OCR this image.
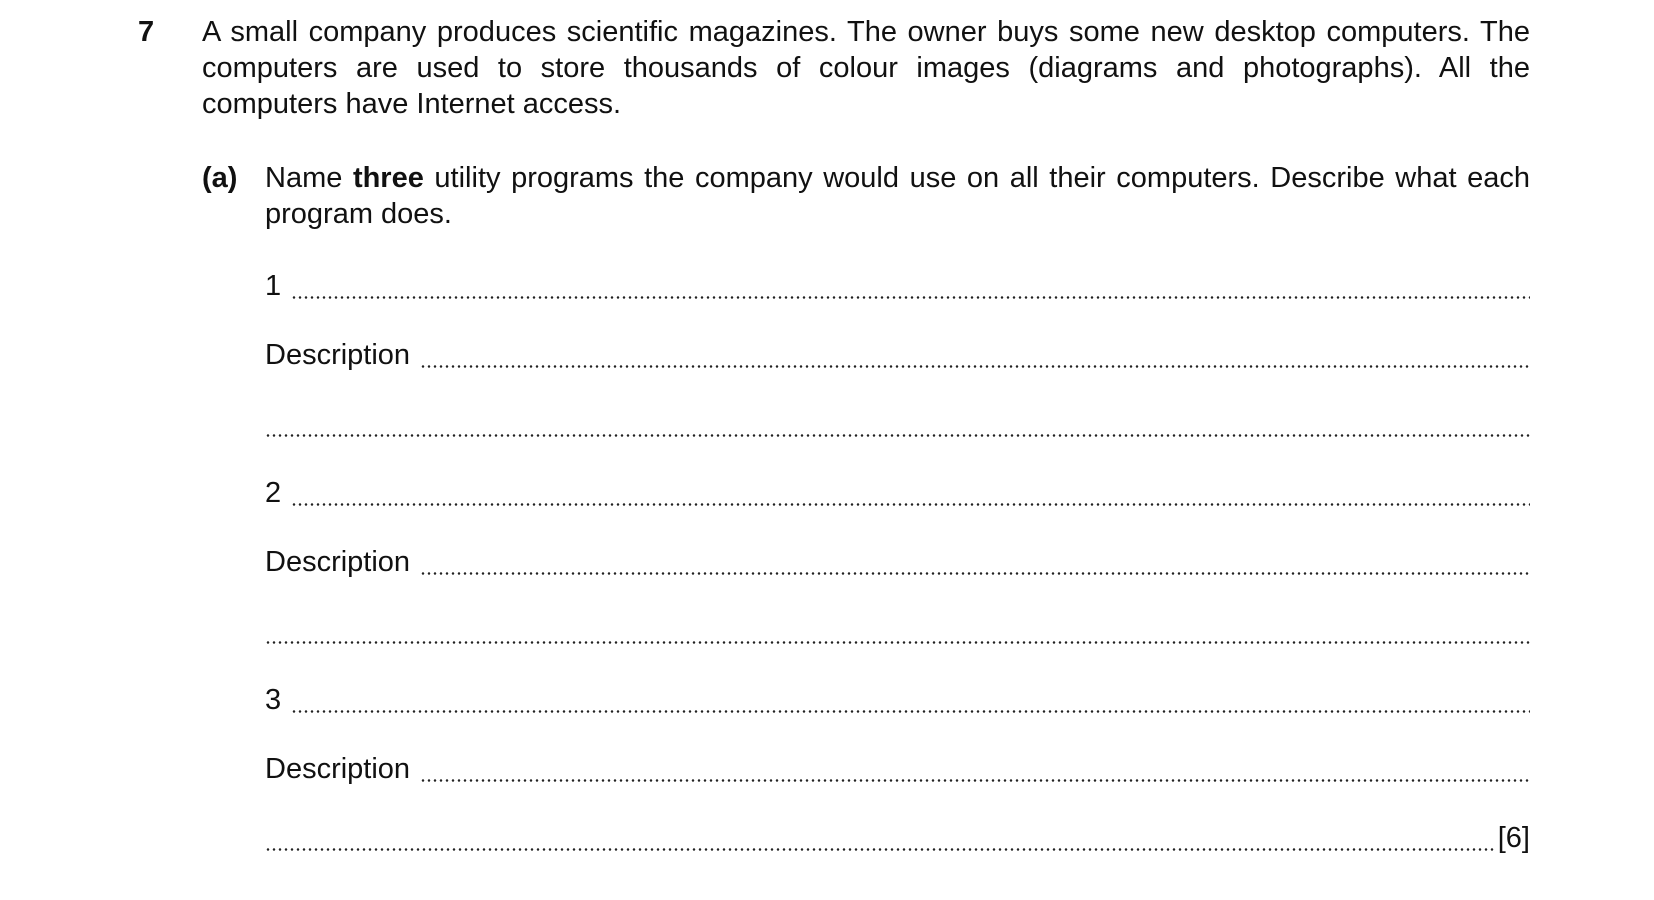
7 A small company produces scientific magazines. The owner buys some new desktop computers. The computers are used to store thousands of colour images (diagrams and photographs). All the computers have Internet access.
(a) Name three utility programs the company would use on all their computers. Describe what each program does.
1
Description
2
Description
3
Description
[6]
